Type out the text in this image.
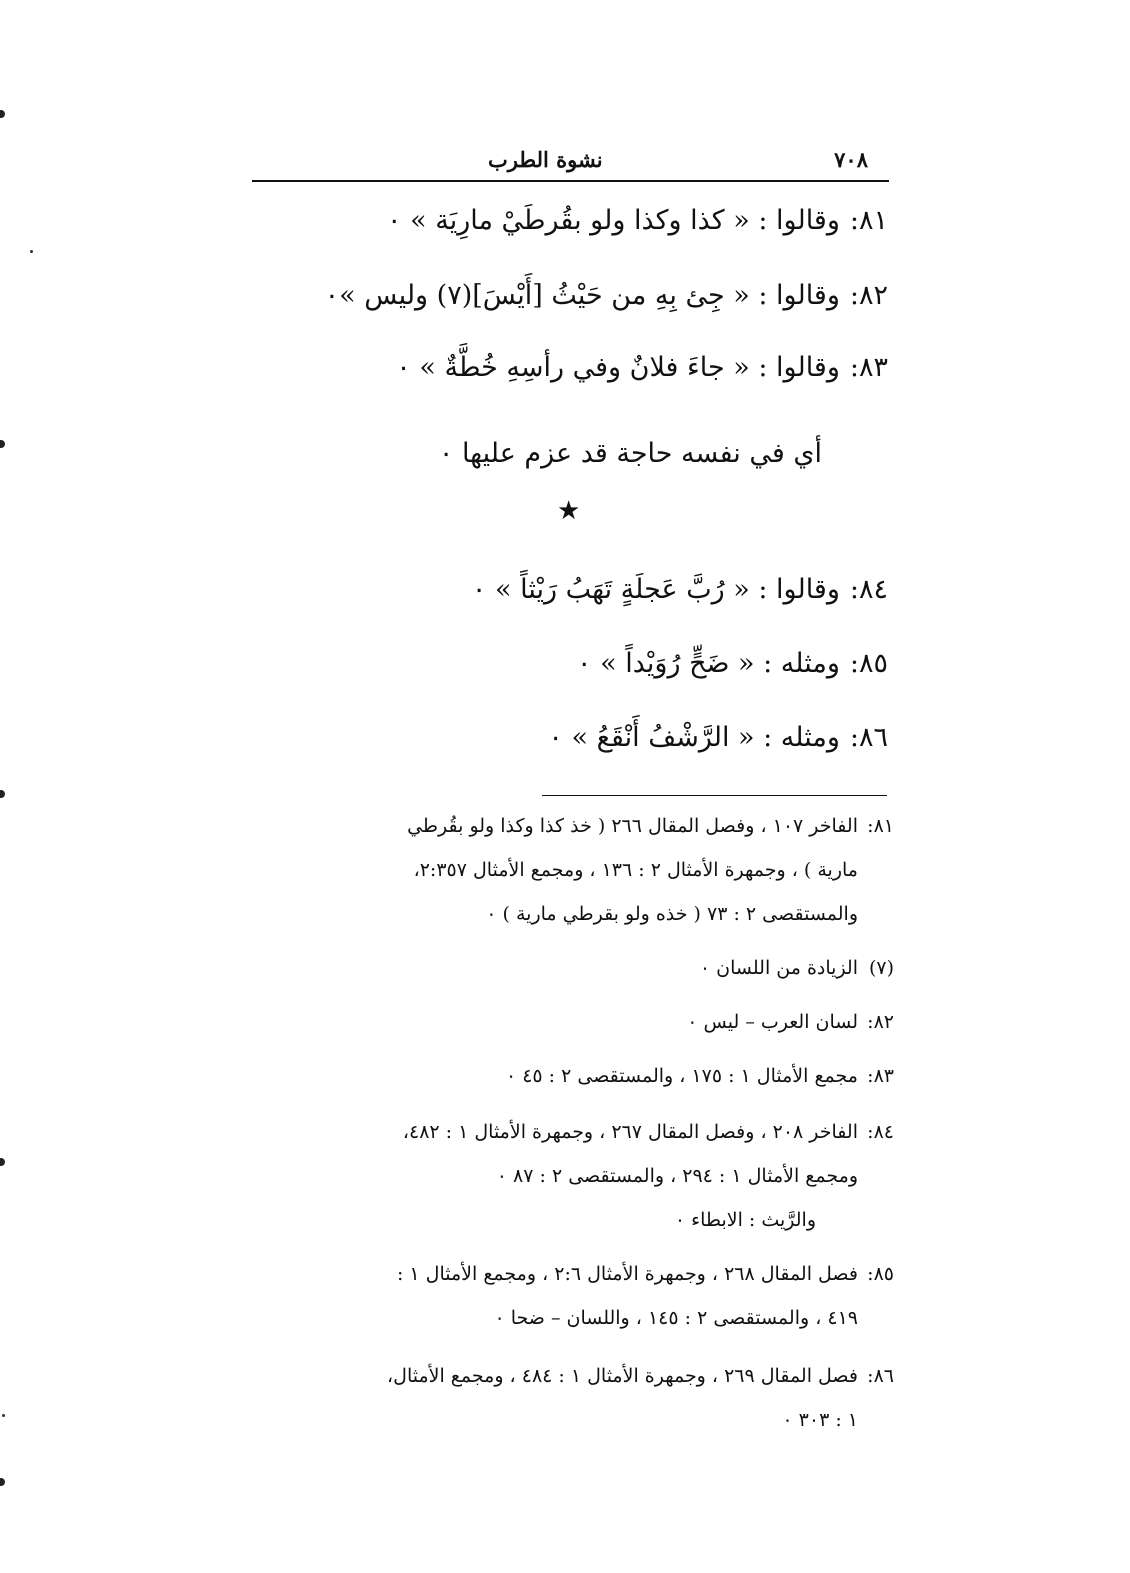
٧٠٨
نشوة الطرب
٨١:وقالوا : « كذا وكذا ولو بقُرطَيْ مارِيَة » ٠
٨٢:وقالوا : « جِئ بِهِ من حَيْثُ [أَيْسَ](٧) وليس »٠
٨٣:وقالوا : « جاءَ فلانٌ وفي رأسِهِ خُطَّةٌ » ٠
أي في نفسه حاجة قد عزم عليها ٠
★
٨٤:وقالوا : « رُبَّ عَجلَةٍ تَهَبُ رَيْثاً » ٠
٨٥:ومثله : « ضَحٍّ رُوَيْداً » ٠
٨٦:ومثله : « الرَّشْفُ أَنْقَعُ » ٠
٨١:
الفاخر ١٠٧ ، وفصل المقال ٢٦٦ ( خذ كذا وكذا ولو بقُرطي
مارية ) ، وجمهرة الأمثال ٢ : ١٣٦ ، ومجمع الأمثال ٢:٣٥٧،
والمستقصى ٢ : ٧٣ ( خذه ولو بقرطي مارية ) ٠
(٧)
الزيادة من اللسان ٠
٨٢:
لسان العرب – ليس ٠
٨٣:
مجمع الأمثال ١ : ١٧٥ ، والمستقصى ٢ : ٤٥ ٠
٨٤:
الفاخر ٢٠٨ ، وفصل المقال ٢٦٧ ، وجمهرة الأمثال ١ : ٤٨٢،
ومجمع الأمثال ١ : ٢٩٤ ، والمستقصى ٢ : ٨٧ ٠
والرَّيث : الابطاء ٠
٨٥:
فصل المقال ٢٦٨ ، وجمهرة الأمثال ٢:٦ ، ومجمع الأمثال ١ :
٤١٩ ، والمستقصى ٢ : ١٤٥ ، واللسان – ضحا ٠
٨٦:
فصل المقال ٢٦٩ ، وجمهرة الأمثال ١ : ٤٨٤ ، ومجمع الأمثال،
١ : ٣٠٣ ٠
